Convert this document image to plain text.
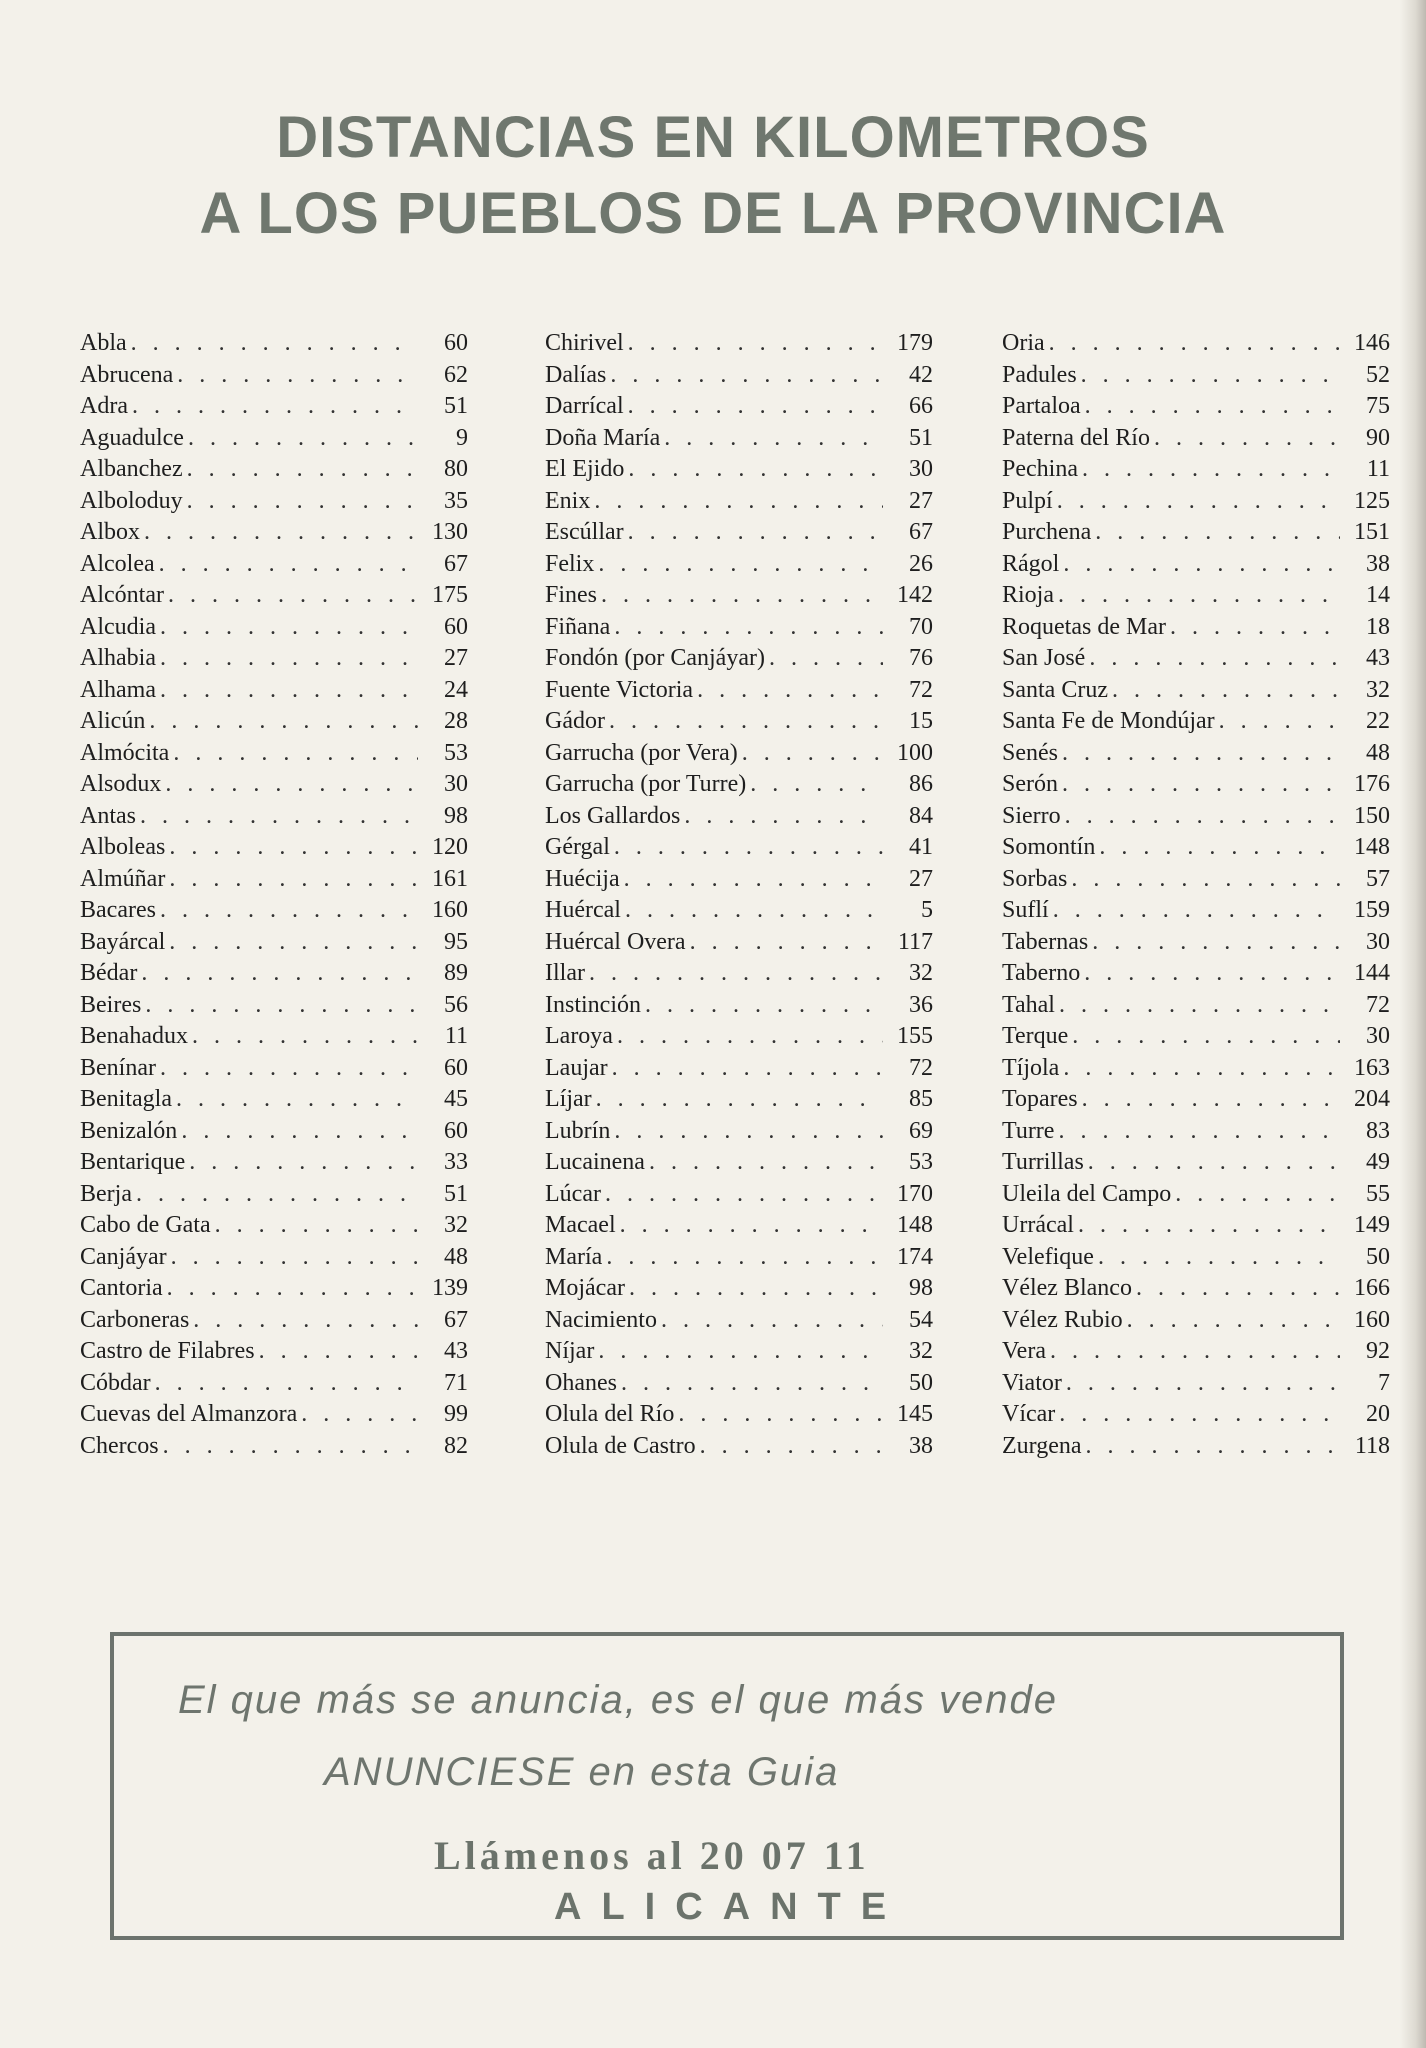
DISTANCIAS EN KILOMETROS
A LOS PUEBLOS DE LA PROVINCIA
Abla . . .	60
Abrucena . . .	62
Adra . . .	51
Aguadulce . . .	9
Albanchez . . .	80
Alboloduy . . .	35
Albox . . .	130
Alcolea . . .	67
Alcóntar . . .	175
Alcudia . . .	60
Alhabia . . .	27
Alhama . . .	24
Alicún . . .	28
Almócita . . .	53
Alsodux . . .	30
Antas . . .	98
Alboleas . . .	120
Almúñar . . .	161
Bacares . . .	160
Bayárcal . . .	95
Bédar . . .	89
Beires . . .	56
Benahadux . . .	11
Benínar . . .	60
Benitagla . . .	45
Benizalón . . .	60
Bentarique . . .	33
Berja . . .	51
Cabo de Gata . . .	32
Canjáyar . . .	48
Cantoria . . .	139
Carboneras . . .	67
Castro de Filabres . . .	43
Cóbdar . . .	71
Cuevas del Almanzora . . .	99
Chercos . . .	82
Chirivel . . .	179
Dalías . . .	42
Darrícal . . .	66
Doña María . . .	51
El Ejido . . .	30
Enix . . .	27
Escúllar . . .	67
Felix . . .	26
Fines . . .	142
Fiñana . . .	70
Fondón (por Canjáyar) . . .	76
Fuente Victoria . . .	72
Gádor . . .	15
Garrucha (por Vera) . . .	100
Garrucha (por Turre) . . .	86
Los Gallardos . . .	84
Gérgal . . .	41
Huécija . . .	27
Huércal . . .	5
Huércal Overa . . .	117
Illar . . .	32
Instinción . . .	36
Laroya . . .	155
Laujar . . .	72
Líjar . . .	85
Lubrín . . .	69
Lucainena . . .	53
Lúcar . . .	170
Macael . . .	148
María . . .	174
Mojácar . . .	98
Nacimiento . . .	54
Níjar . . .	32
Ohanes . . .	50
Olula del Río . . .	145
Olula de Castro . . .	38
Oria . . .	146
Padules . . .	52
Partaloa . . .	75
Paterna del Río . . .	90
Pechina . . .	11
Pulpí . . .	125
Purchena . . .	151
Rágol . . .	38
Rioja . . .	14
Roquetas de Mar . . .	18
San José . . .	43
Santa Cruz . . .	32
Santa Fe de Mondújar . . .	22
Senés . . .	48
Serón . . .	176
Sierro . . .	150
Somontín . . .	148
Sorbas . . .	57
Suflí . . .	159
Tabernas . . .	30
Taberno . . .	144
Tahal . . .	72
Terque . . .	30
Tíjola . . .	163
Topares . . .	204
Turre . . .	83
Turrillas . . .	49
Uleila del Campo . . .	55
Urrácal . . .	149
Velefique . . .	50
Vélez Blanco . . .	166
Vélez Rubio . . .	160
Vera . . .	92
Viator . . .	7
Vícar . . .	20
Zurgena . . .	118
El que más se anuncia, es el que más vende
ANUNCIESE en esta Guia
Llámenos al 20 07 11
ALICANTE
